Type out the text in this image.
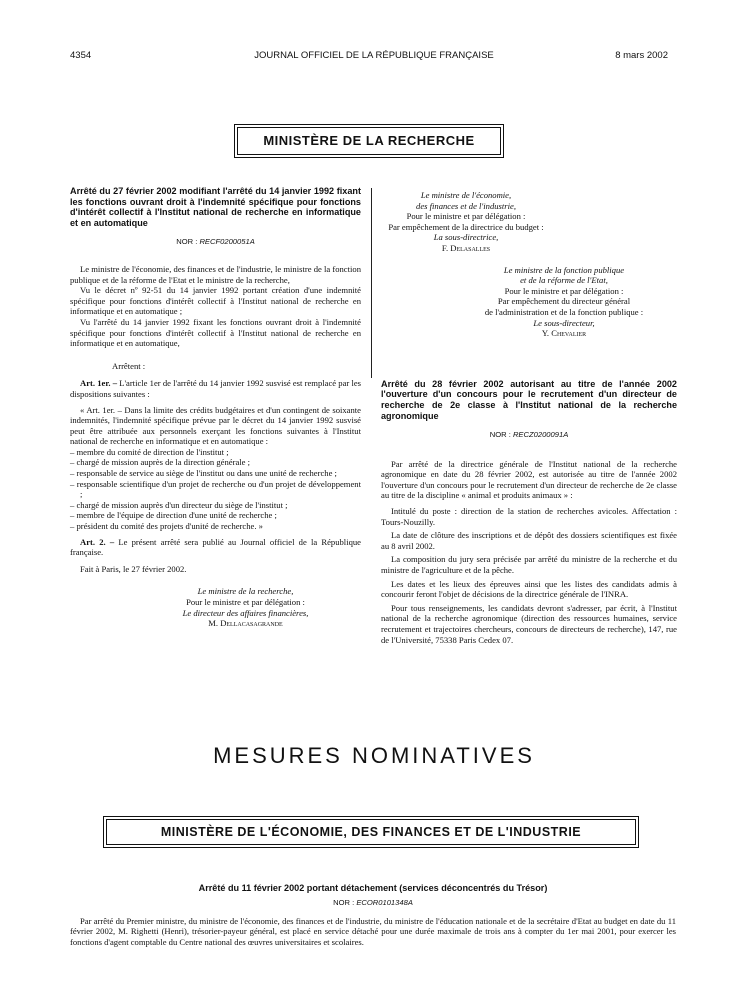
4354	JOURNAL OFFICIEL DE LA RÉPUBLIQUE FRANÇAISE	8 mars 2002
MINISTÈRE DE LA RECHERCHE
Arrêté du 27 février 2002 modifiant l'arrêté du 14 janvier 1992 fixant les fonctions ouvrant droit à l'indemnité spécifique pour fonctions d'intérêt collectif à l'Institut national de recherche en informatique et en automatique
NOR : RECF0200051A

Le ministre de l'économie, des finances et de l'industrie, le ministre de la fonction publique et de la réforme de l'Etat et le ministre de la recherche,

Vu le décret nº 92-51 du 14 janvier 1992 portant création d'une indemnité spécifique pour fonctions d'intérêt collectif à l'Institut national de recherche en informatique et en automatique ;

Vu l'arrêté du 14 janvier 1992 fixant les fonctions ouvrant droit à l'indemnité spécifique pour fonctions d'intérêt collectif à l'Institut national de recherche en informatique et en automatique,

Arrêtent :

Art. 1er. – L'article 1er de l'arrêté du 14 janvier 1992 susvisé est remplacé par les dispositions suivantes :

« Art. 1er. – Dans la limite des crédits budgétaires et d'un contingent de soixante indemnités, l'indemnité spécifique prévue par le décret du 14 janvier 1992 susvisé peut être attribuée aux personnels exerçant les fonctions suivantes à l'Institut national de recherche en informatique et en automatique :

– membre du comité de direction de l'institut ;
– chargé de mission auprès de la direction générale ;
– responsable de service au siège de l'institut ou dans une unité de recherche ;
– responsable scientifique d'un projet de recherche ou d'un projet de développement ;
– chargé de mission auprès d'un directeur du siège de l'institut ;
– membre de l'équipe de direction d'une unité de recherche ;
– président du comité des projets d'unité de recherche. »

Art. 2. – Le présent arrêté sera publié au Journal officiel de la République française.

Fait à Paris, le 27 février 2002.

Le ministre de la recherche,
Pour le ministre et par délégation :
Le directeur des affaires financières,
M. Dellacasagrande
Le ministre de l'économie,
des finances et de l'industrie,
Pour le ministre et par délégation :
Par empêchement de la directrice du budget :
La sous-directrice,
F. Delasalles
Le ministre de la fonction publique
et de la réforme de l'Etat,
Pour le ministre et par délégation :
Par empêchement du directeur général
de l'administration et de la fonction publique :
Le sous-directeur,
Y. Chevalier
Arrêté du 28 février 2002 autorisant au titre de l'année 2002 l'ouverture d'un concours pour le recrutement d'un directeur de recherche de 2e classe à l'Institut national de la recherche agronomique
NOR : RECZ0200091A

Par arrêté de la directrice générale de l'Institut national de la recherche agronomique en date du 28 février 2002, est autorisée au titre de l'année 2002 l'ouverture d'un concours pour le recrutement d'un directeur de recherche de 2e classe au titre de la discipline « animal et produits animaux » :

Intitulé du poste : direction de la station de recherches avicoles. Affectation : Tours-Nouzilly.

La date de clôture des inscriptions et de dépôt des dossiers scientifiques est fixée au 8 avril 2002.

La composition du jury sera précisée par arrêté du ministre de la recherche et du ministre de l'agriculture et de la pêche.

Les dates et les lieux des épreuves ainsi que les listes des candidats admis à concourir feront l'objet de décisions de la directrice générale de l'INRA.

Pour tous renseignements, les candidats devront s'adresser, par écrit, à l'Institut national de la recherche agronomique (direction des ressources humaines, service recrutement et trajectoires chercheurs, concours de directeurs de recherche), 147, rue de l'Université, 75338 Paris Cedex 07.

MESURES NOMINATIVES
MINISTÈRE DE L'ÉCONOMIE, DES FINANCES ET DE L'INDUSTRIE
Arrêté du 11 février 2002 portant détachement (services déconcentrés du Trésor)
NOR : ECOR0101348A

Par arrêté du Premier ministre, du ministre de l'économie, des finances et de l'industrie, du ministre de l'éducation nationale et de la secrétaire d'Etat au budget en date du 11 février 2002, M. Righetti (Henri), trésorier-payeur général, est placé en service détaché pour une durée maximale de trois ans à compter du 1er mai 2001, pour exercer les fonctions d'agent comptable du Centre national des œuvres universitaires et scolaires.
